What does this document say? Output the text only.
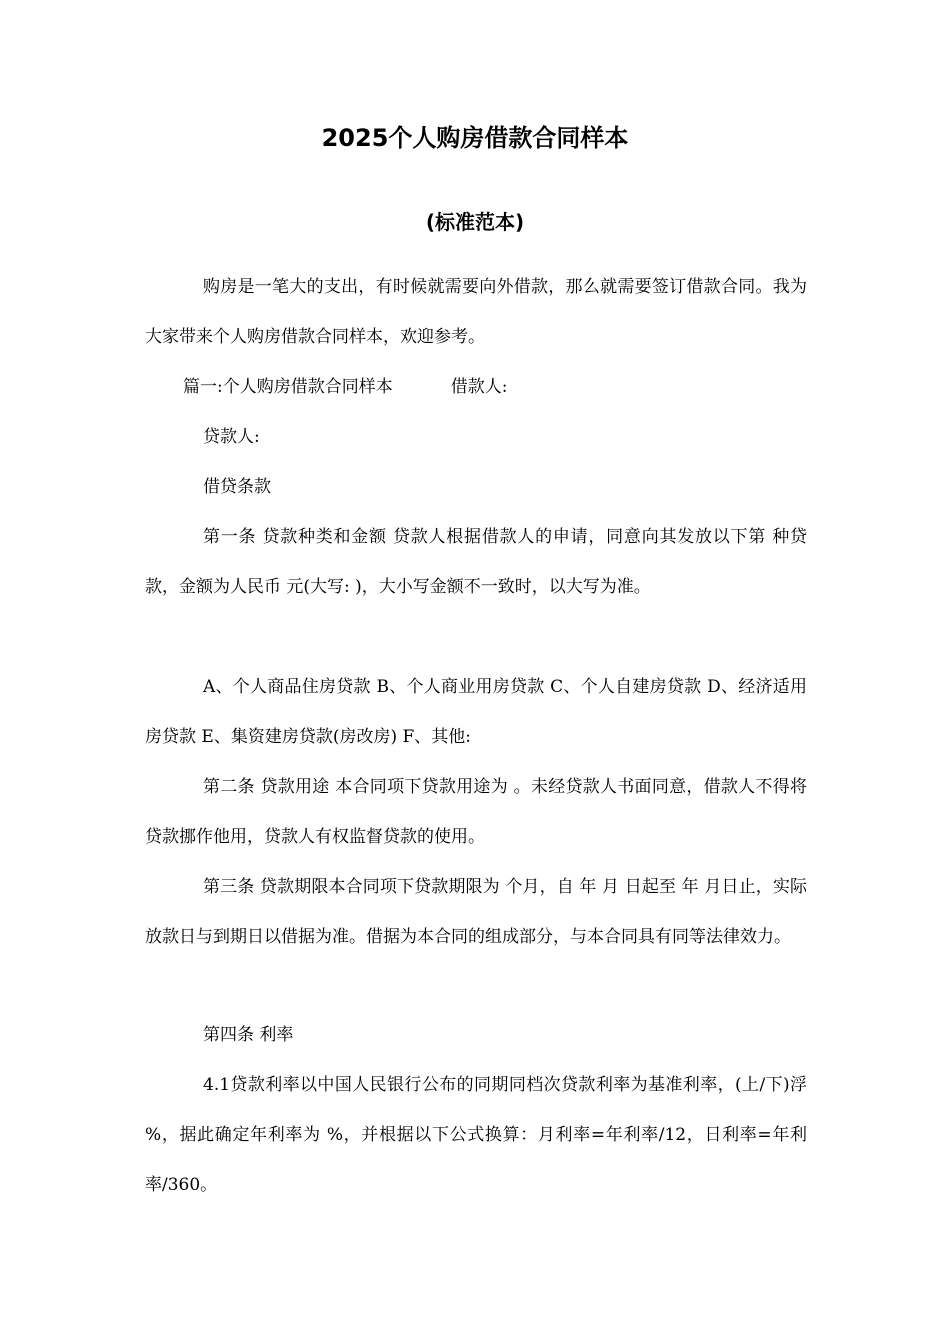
2025个人购房借款合同样本
(标准范本)

购房是一笔大的支出，有时候就需要向外借款，那么就需要签订借款合同。我为大家带来个人购房借款合同样本，欢迎参考。

篇一:个人购房借款合同样本	借款人:

贷款人:

借贷条款

第一条 贷款种类和金额 贷款人根据借款人的申请，同意向其发放以下第 种贷款，金额为人民币 元(大写: )，大小写金额不一致时，以大写为准。

A、个人商品住房贷款 B、个人商业用房贷款 C、个人自建房贷款 D、经济适用房贷款 E、集资建房贷款(房改房) F、其他:

第二条 贷款用途 本合同项下贷款用途为 。未经贷款人书面同意，借款人不得将贷款挪作他用，贷款人有权监督贷款的使用。

第三条 贷款期限本合同项下贷款期限为 个月，自 年 月 日起至 年 月日止，实际放款日与到期日以借据为准。借据为本合同的组成部分，与本合同具有同等法律效力。

第四条 利率

4.1贷款利率以中国人民银行公布的同期同档次贷款利率为基准利率，(上/下)浮 %，据此确定年利率为 %，并根据以下公式换算：月利率=年利率/12，日利率=年利率/360。
